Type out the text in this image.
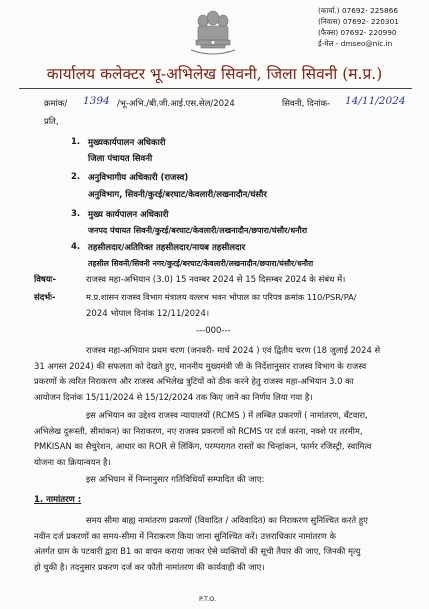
(कार्या.) 07692- 225866
(निवास) 07692- 220301
(फैक्स) 07692- 220990
ई-मेल - dmseo@nic.in
कार्यालय कलेक्टर भू-अभिलेख सिवनी, जिला सिवनी (म.प्र.)
क्रमांक/ 1394 /भू-अभि./बी.जी.आई.एस.सेल/2024	सिवनी, दिनांक- 14/11/2024
प्रति,
1. मुख्यकार्यपालन अधिकारी
जिला पंचायत सिवनी
2. अनुविभागीय अधिकारी (राजस्व)
अनुविभाग, सिवनी/कुरई/बरघाट/केवलारी/लखनादौन/घंसौर
3. मुख्य कार्यपालन अधिकारी
जनपद पंचायत सिवनी/कुरई/बरघाट/केवलारी/लखनादौन/छपारा/घंसौर/धनौरा
4. तहसीलदार/अतिरिक्त तहसीलदार/नायब तहसीलदार
तहसील सिवनी/सिवनी नगर/कुरई/बरघाट/केवलारी/लखनादौन/छपारा/घंसौर/धनौरा
विषयः-	राजस्व महा-अभियान (3.0) 15 नवम्बर 2024 से 15 दिसम्बर 2024 के संबंध में।
संदर्भः-	म.प्र.शासन राजस्व विभाग मंत्रालय वल्लभ भवन भोपाल का परिपत्र क्रमांक 110/PSR/PA/
2024 भोपाल दिनांक 12/11/2024।
---000---
राजस्व महा-अभियान प्रथम चरण (जनवरी- मार्च 2024 ) एवं द्वितीय चरण (18 जुलाई 2024 से
31 अगस्त 2024) की सफलता को देखते हुए, माननीय मुख्यमंत्री जी के निर्देशानुसार राजस्व विभाग के राजस्व
प्रकरणों के त्वरित निराकरण और राजस्व अभिलेख त्रुटियों को ठीक करने हेतु राजस्व महा-अभियान 3.0 का
आयोजन दिनांक 15/11/2024 से 15/12/2024 तक किए जाने का निर्णय लिया गया है।
इस अभियान का उद्देश्य राजस्व न्यायालयों (RCMS ) में लम्बित प्रकरणों ( नामांतरण, बँटवारा,
अभिलेख दुरूस्ती, सीमांकन) का निराकरण, नए राजस्व प्रकरणों को RCMS पर दर्ज करना, नक्शे पर तरमीम,
PMKISAN का सैचुरेशन, आधार का ROR से लिंकिंग, परम्परागत रास्तों का चिन्हांकन, फार्मर रजिस्ट्री, स्वामित्व
योजना का क्रियान्वयन है।
इस अभियान में निम्नानुसार गतिविधियाँ सम्पादित की जाए:
1. नामांतरण :
समय सीमा बाह्य नामांतरण प्रकरणों (विवादित / अविवादित) का निराकरण सुनिश्चित करते हुए
नवीन दर्ज प्रकरणों का समय-सीमा में निराकरण किया जाना सुनिश्चित करें। उत्तराधिकार नामांतरण के
अंतर्गत ग्राम के पटवारी द्वारा B1 का वाचन कराया जाकर ऐसे व्यक्तियों की सूची तैयार की जाए, जिनकी मृत्यु
हो चुकी है। तदनुसार प्रकरण दर्ज कर फौती नामांतरण की कार्यवाही की जाए।
P.T.O.
